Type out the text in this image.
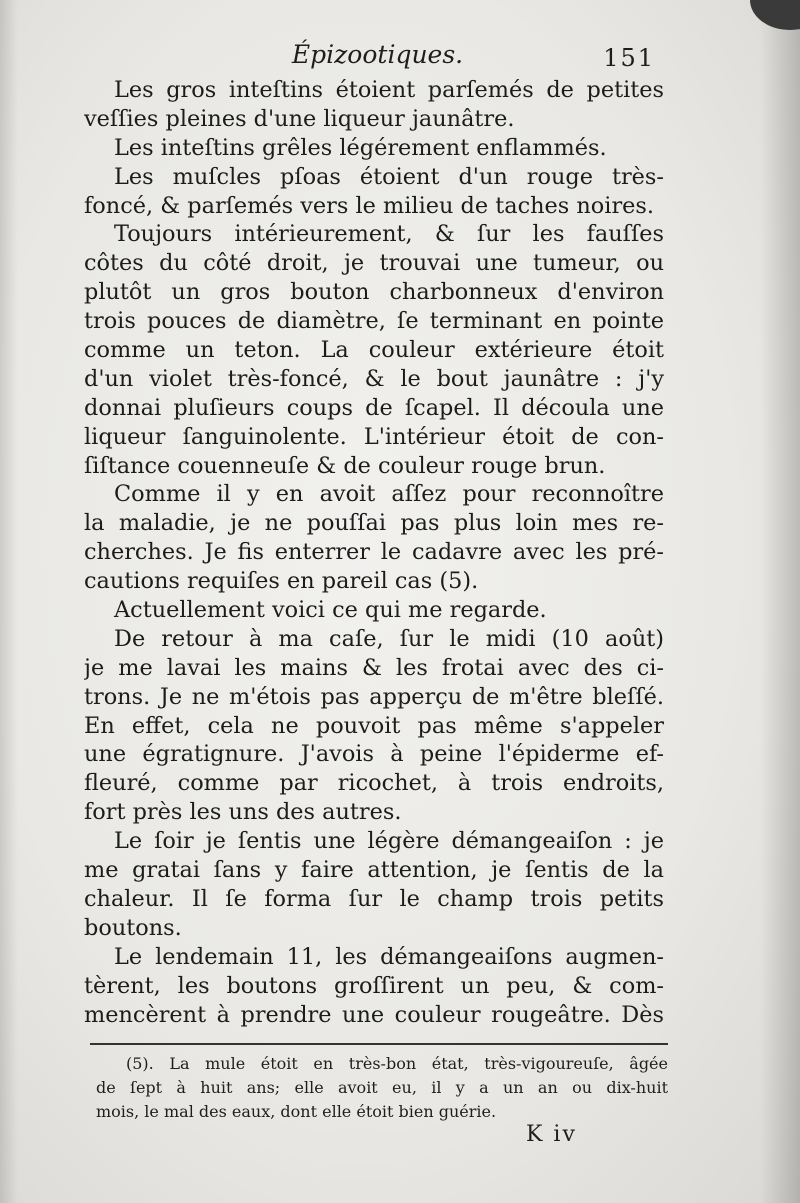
Épizootiques.	151
Les gros inteſtins étoient parſemés de petites
veſſies pleines d'une liqueur jaunâtre.
Les inteſtins grêles légérement enflammés.
Les muſcles pſoas étoient d'un rouge très-
foncé, & parſemés vers le milieu de taches noires.
Toujours intérieurement, & ſur les fauſſes
côtes du côté droit, je trouvai une tumeur, ou
plutôt un gros bouton charbonneux d'environ
trois pouces de diamètre, ſe terminant en pointe
comme un teton. La couleur extérieure étoit
d'un violet très-foncé, & le bout jaunâtre : j'y
donnai pluſieurs coups de ſcapel. Il découla une
liqueur ſanguinolente. L'intérieur étoit de con-
ſiſtance couenneuſe & de couleur rouge brun.
Comme il y en avoit aſſez pour reconnoître
la maladie, je ne pouſſai pas plus loin mes re-
cherches. Je fis enterrer le cadavre avec les pré-
cautions requiſes en pareil cas (5).
Actuellement voici ce qui me regarde.
De retour à ma caſe, ſur le midi (10 août)
je me lavai les mains & les frotai avec des ci-
trons. Je ne m'étois pas apperçu de m'être bleſſé.
En effet, cela ne pouvoit pas même s'appeler
une égratignure. J'avois à peine l'épiderme ef-
fleuré, comme par ricochet, à trois endroits,
fort près les uns des autres.
Le ſoir je ſentis une légère démangeaiſon : je
me gratai ſans y faire attention, je ſentis de la
chaleur. Il ſe forma ſur le champ trois petits
boutons.
Le lendemain 11, les démangeaiſons augmen-
tèrent, les boutons groſſirent un peu, & com-
mencèrent à prendre une couleur rougeâtre. Dès
(5). La mule étoit en très-bon état, très-vigoureuſe, âgée
de ſept à huit ans; elle avoit eu, il y a un an ou dix-huit
mois, le mal des eaux, dont elle étoit bien guérie.
K iv
